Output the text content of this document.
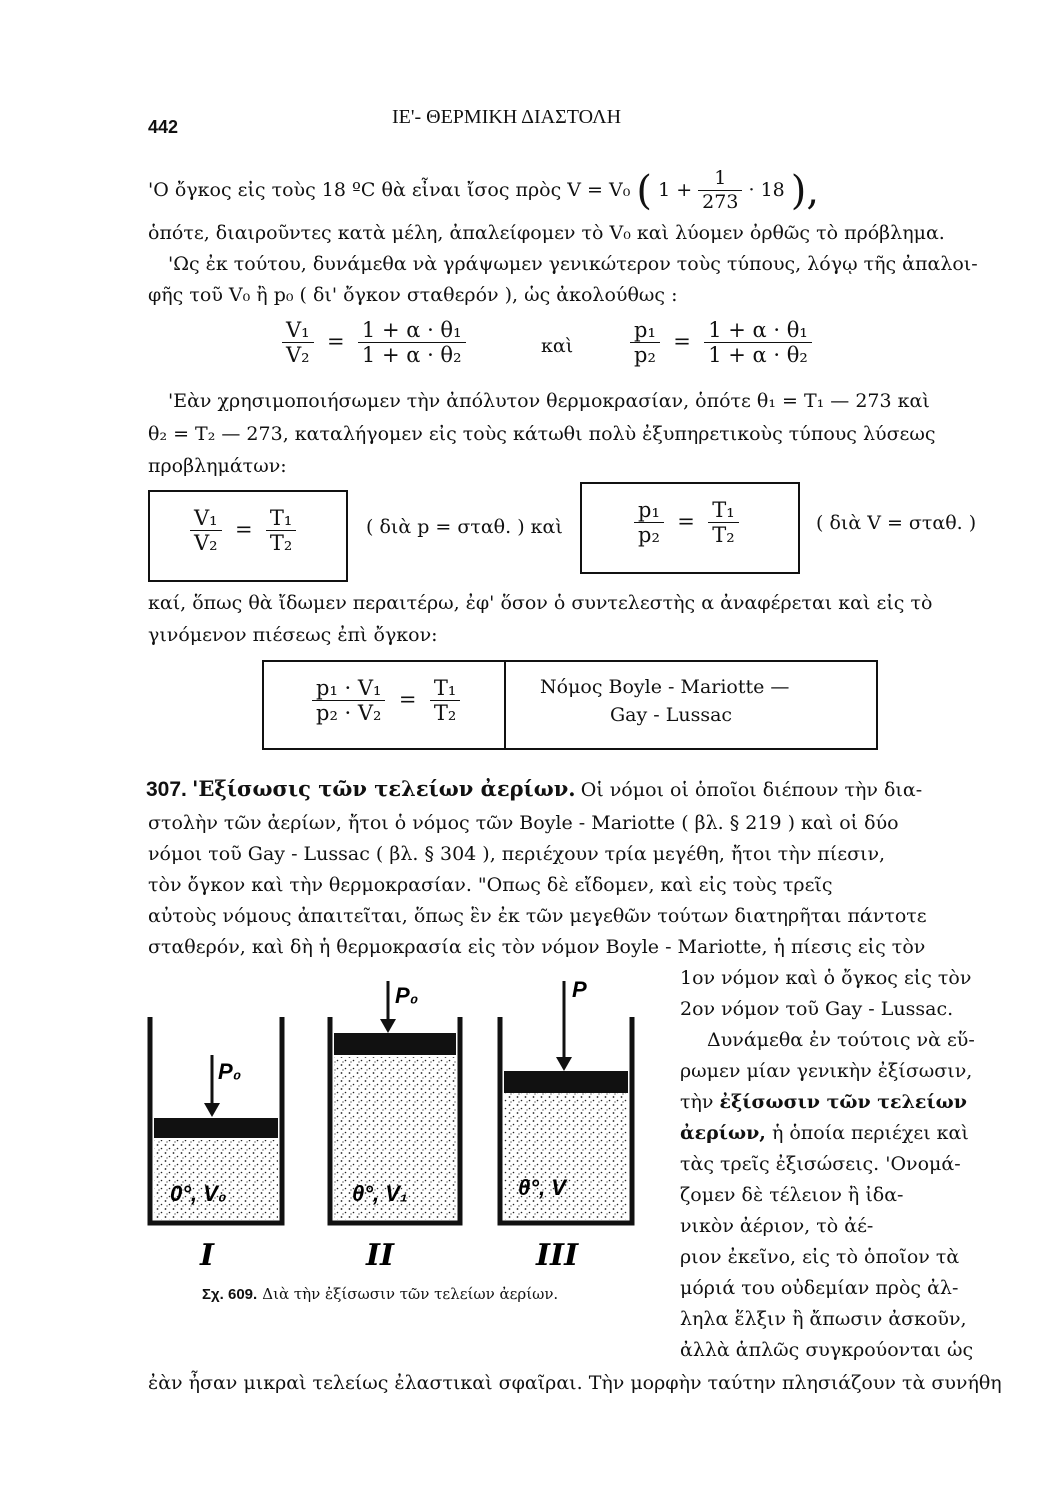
442	ΙΕ'- ΘΕΡΜΙΚΗ ΔΙΑΣΤΟΛΗ
'Ο ὄγκος εἰς τοὺς 18 ºC θὰ εἶναι ἴσος πρὸς V = V₀ ( $1 + \frac{1}{273} \cdot 18$ ),
ὁπότε, διαιροῦντες κατὰ μέλη, ἀπαλείφομεν τὸ V₀ καὶ λύομεν ὀρθῶς τὸ πρόβλημα.
'Ως ἐκ τούτου, δυνάμεθα νὰ γράψωμεν γενικώτερον τοὺς τύπους, λόγῳ τῆς ἀπαλοι-
φῆς τοῦ V₀ ἢ p₀ ( δι' ὄγκον σταθερόν ), ὡς ἀκολούθως :
$\frac{\text{V₁}}{\text{V₂}} = \frac{\text{1 + α · θ₁}}{\text{1 + α · θ₂}}$	καὶ	$\frac{\text{p₁}}{\text{p₂}} = \frac{\text{1 + α · θ₁}}{\text{1 + α · θ₂}}$
'Εὰν χρησιμοποιήσωμεν τὴν ἀπόλυτον θερμοκρασίαν, ὁπότε θ₁ = T₁ — 273 καὶ
θ₂ = T₂ — 273, καταλήγομεν εἰς τοὺς κάτωθι πολὺ ἐξυπηρετικοὺς τύπους λύσεως
προβλημάτων:
$\frac{\text{V₁}}{\text{V₂}} = \frac{\text{T₁}}{\text{T₂}}$	( διὰ p = σταθ. ) καὶ	$\frac{\text{p₁}}{\text{p₂}} = \frac{\text{T₁}}{\text{T₂}}$	( διὰ V = σταθ. )
καί, ὅπως θὰ ἴδωμεν περαιτέρω, ἐφ' ὅσον ὁ συντελεστὴς α ἀναφέρεται καὶ εἰς τὸ
γινόμενον πιέσεως ἐπὶ ὄγκον:
$\frac{\text{p₁ · V₁}}{\text{p₂ · V₂}} = \frac{\text{T₁}}{\text{T₂}}$	Νόμος Boyle - Mariotte —
Gay - Lussac
307. 'Εξίσωσις τῶν τελείων ἀερίων. Οἱ νόμοι οἱ ὁποῖοι διέπουν τὴν δια-
στολὴν τῶν ἀερίων, ἤτοι ὁ νόμος τῶν Boyle - Mariotte ( βλ. § 219 ) καὶ οἱ δύο
νόμοι τοῦ Gay - Lussac ( βλ. § 304 ), περιέχουν τρία μεγέθη, ἤτοι τὴν πίεσιν,
τὸν ὄγκον καὶ τὴν θερμοκρασίαν. "Οπως δὲ εἴδομεν, καὶ εἰς τοὺς τρεῖς
αὐτοὺς νόμους ἀπαιτεῖται, ὅπως ἓν ἐκ τῶν μεγεθῶν τούτων διατηρῆται πάντοτε
σταθερόν, καὶ δὴ ἡ θερμοκρασία εἰς τὸν νόμον Boyle - Mariotte, ἡ πίεσις εἰς τὸν
1ον νόμον καὶ ὁ ὄγκος εἰς τὸν
2ον νόμον τοῦ Gay - Lussac.
Δυνάμεθα ἐν τούτοις νὰ εὕ-
ρωμεν μίαν γενικὴν ἐξίσωσιν,
τὴν ἐξίσωσιν τῶν τελείων
ἀερίων, ἡ ὁποία περιέχει καὶ
τὰς τρεῖς ἐξισώσεις. 'Ονομά-
ζομεν δὲ τέλειον ἢ ἰδα-
νικὸν ἀέριον, τὸ ἀέ-
ριον ἐκεῖνο, εἰς τὸ ὁποῖον τὰ
μόριά του οὐδεμίαν πρὸς ἀλ-
ληλα ἕλξιν ἢ ἄπωσιν ἀσκοῦν,
ἀλλὰ ἁπλῶς συγκρούονται ὡς
ἐὰν ἦσαν μικραὶ τελείως ἐλαστικαὶ σφαῖραι. Τὴν μορφὴν ταύτην πλησιάζουν τὰ συνήθη
P₀
0°, V₀
I
P₀
θ°, V₁
II
P
θ°, V
III
Σχ. 609. Διὰ τὴν ἐξίσωσιν τῶν τελείων ἀερίων.
